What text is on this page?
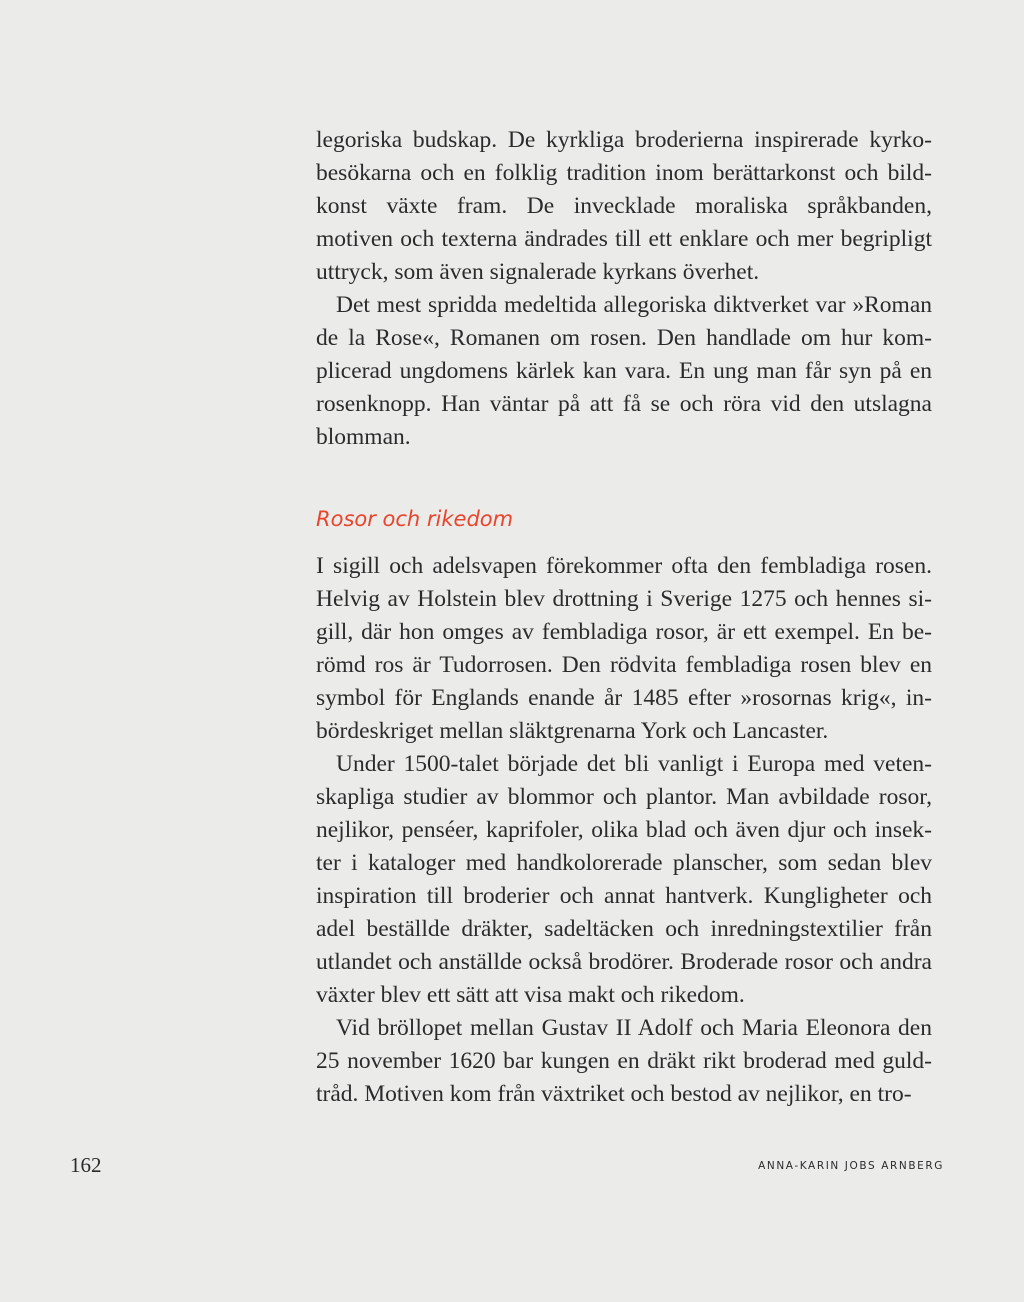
legoriska budskap. De kyrkliga broderierna inspirerade kyrkobesökarna och en folklig tradition inom berättarkonst och bildkonst växte fram. De invecklade moraliska språkbanden, motiven och texterna ändrades till ett enklare och mer begripligt uttryck, som även signalerade kyrkans överhet.

Det mest spridda medeltida allegoriska diktverket var »Roman de la Rose«, Romanen om rosen. Den handlade om hur komplicerad ungdomens kärlek kan vara. En ung man får syn på en rosenknopp. Han väntar på att få se och röra vid den utslagna blomman.

Rosor och rikedom

I sigill och adelsvapen förekommer ofta den fembladiga rosen. Helvig av Holstein blev drottning i Sverige 1275 och hennes sigill, där hon omges av fembladiga rosor, är ett exempel. En berömd ros är Tudorrosen. Den rödvita fembladiga rosen blev en symbol för Englands enande år 1485 efter »rosornas krig«, inbördeskriget mellan släktgrenarna York och Lancaster.

Under 1500-talet började det bli vanligt i Europa med vetenskapliga studier av blommor och plantor. Man avbildade rosor, nejlikor, penséer, kaprifoler, olika blad och även djur och insekter i kataloger med handkolorerade planscher, som sedan blev inspiration till broderier och annat hantverk. Kungligheter och adel beställde dräkter, sadeltäcken och inredningstextilier från utlandet och anställde också brodörer. Broderade rosor och andra växter blev ett sätt att visa makt och rikedom.

Vid bröllopet mellan Gustav II Adolf och Maria Eleonora den 25 november 1620 bar kungen en dräkt rikt broderad med guldtråd. Motiven kom från växtriket och bestod av nejlikor, en tro-

162	ANNA-KARIN JOBS ARNBERG
